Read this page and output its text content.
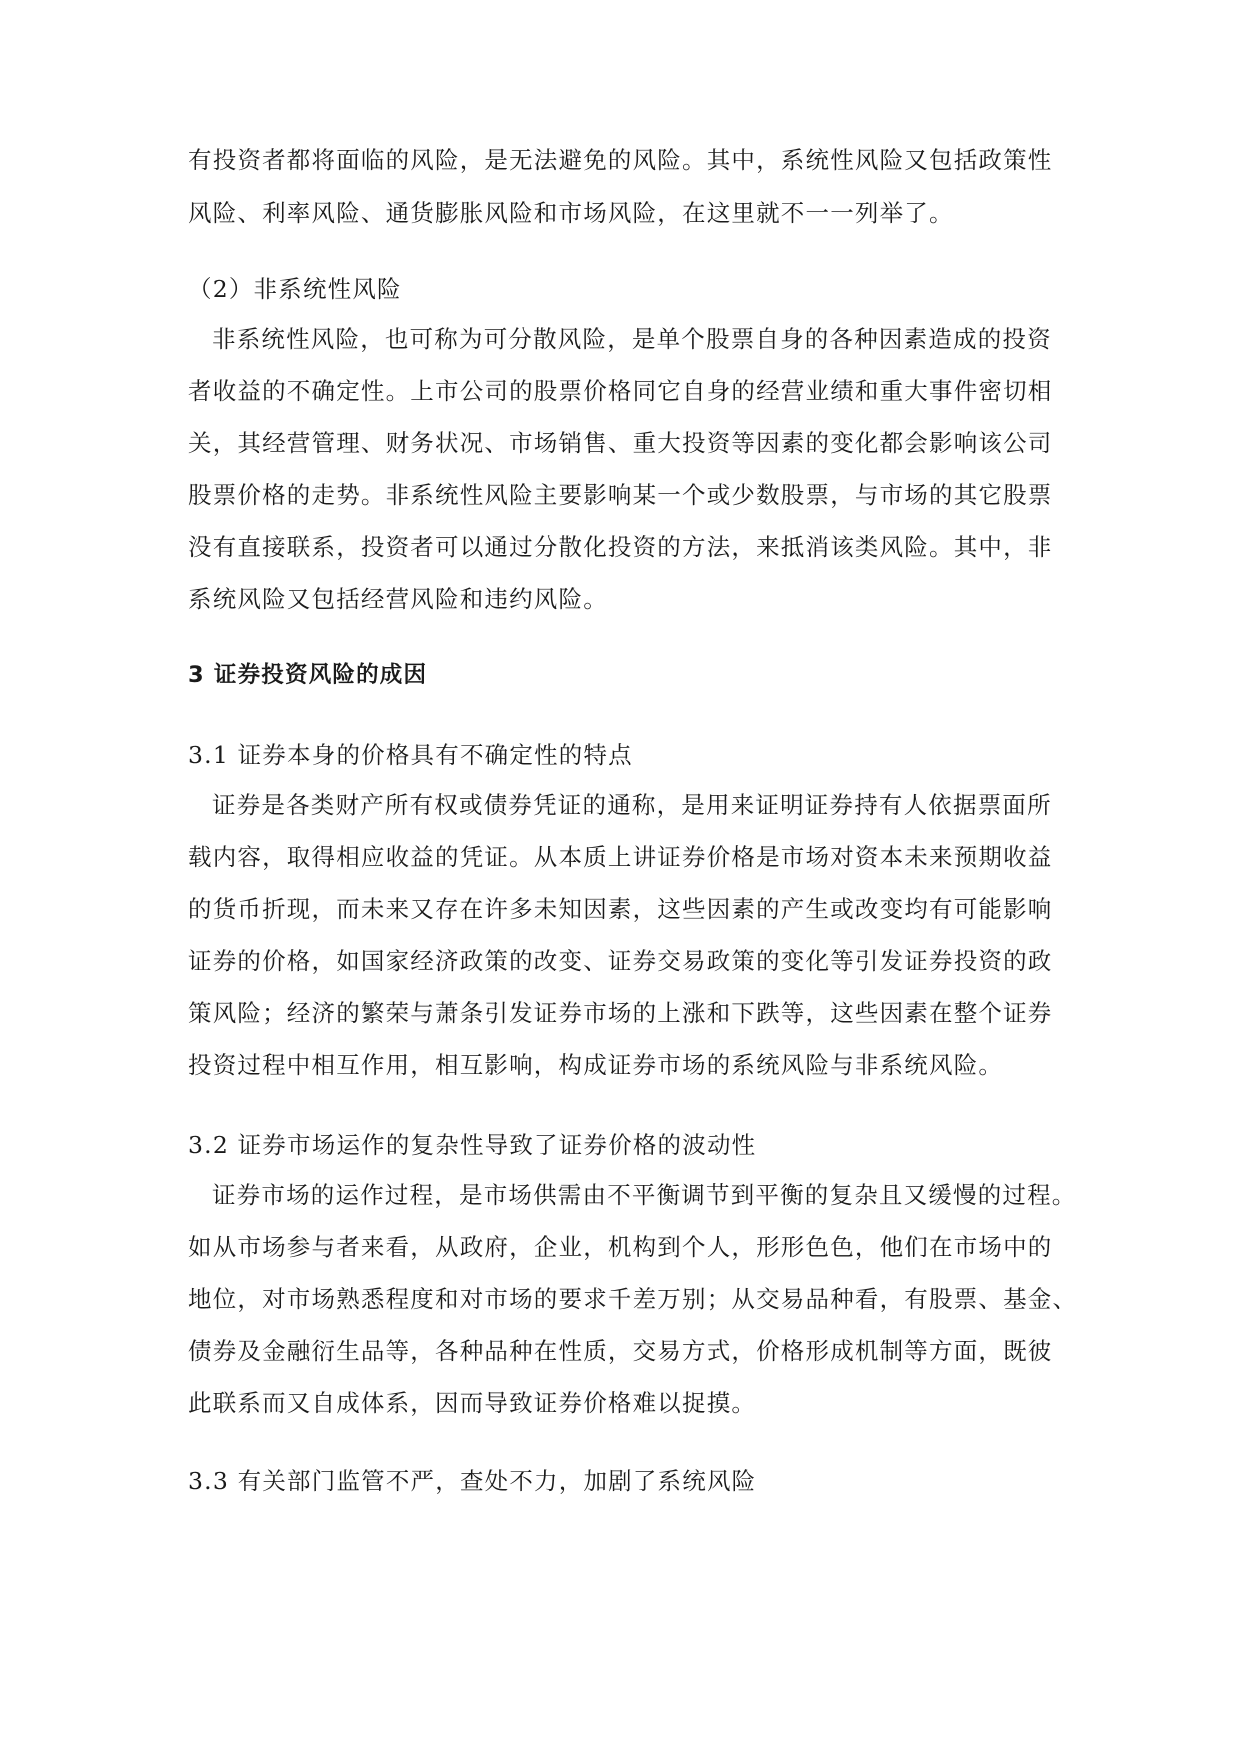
有投资者都将面临的风险，是无法避免的风险。其中，系统性风险又包括政策性

风险、利率风险、通货膨胀风险和市场风险，在这里就不一一列举了。

（2）非系统性风险

非系统性风险，也可称为可分散风险，是单个股票自身的各种因素造成的投资

者收益的不确定性。上市公司的股票价格同它自身的经营业绩和重大事件密切相

关，其经营管理、财务状况、市场销售、重大投资等因素的变化都会影响该公司

股票价格的走势。非系统性风险主要影响某一个或少数股票，与市场的其它股票

没有直接联系，投资者可以通过分散化投资的方法，来抵消该类风险。其中，非

系统风险又包括经营风险和违约风险。

3 证券投资风险的成因

3.1 证券本身的价格具有不确定性的特点

证券是各类财产所有权或债券凭证的通称，是用来证明证券持有人依据票面所

载内容，取得相应收益的凭证。从本质上讲证券价格是市场对资本未来预期收益

的货币折现，而未来又存在许多未知因素，这些因素的产生或改变均有可能影响

证券的价格，如国家经济政策的改变、证券交易政策的变化等引发证券投资的政

策风险；经济的繁荣与萧条引发证券市场的上涨和下跌等，这些因素在整个证券

投资过程中相互作用，相互影响，构成证券市场的系统风险与非系统风险。

3.2 证券市场运作的复杂性导致了证券价格的波动性

证券市场的运作过程，是市场供需由不平衡调节到平衡的复杂且又缓慢的过程。

如从市场参与者来看，从政府，企业，机构到个人，形形色色，他们在市场中的

地位，对市场熟悉程度和对市场的要求千差万别；从交易品种看，有股票、基金、

债券及金融衍生品等，各种品种在性质，交易方式，价格形成机制等方面，既彼

此联系而又自成体系，因而导致证券价格难以捉摸。

3.3 有关部门监管不严，查处不力，加剧了系统风险
